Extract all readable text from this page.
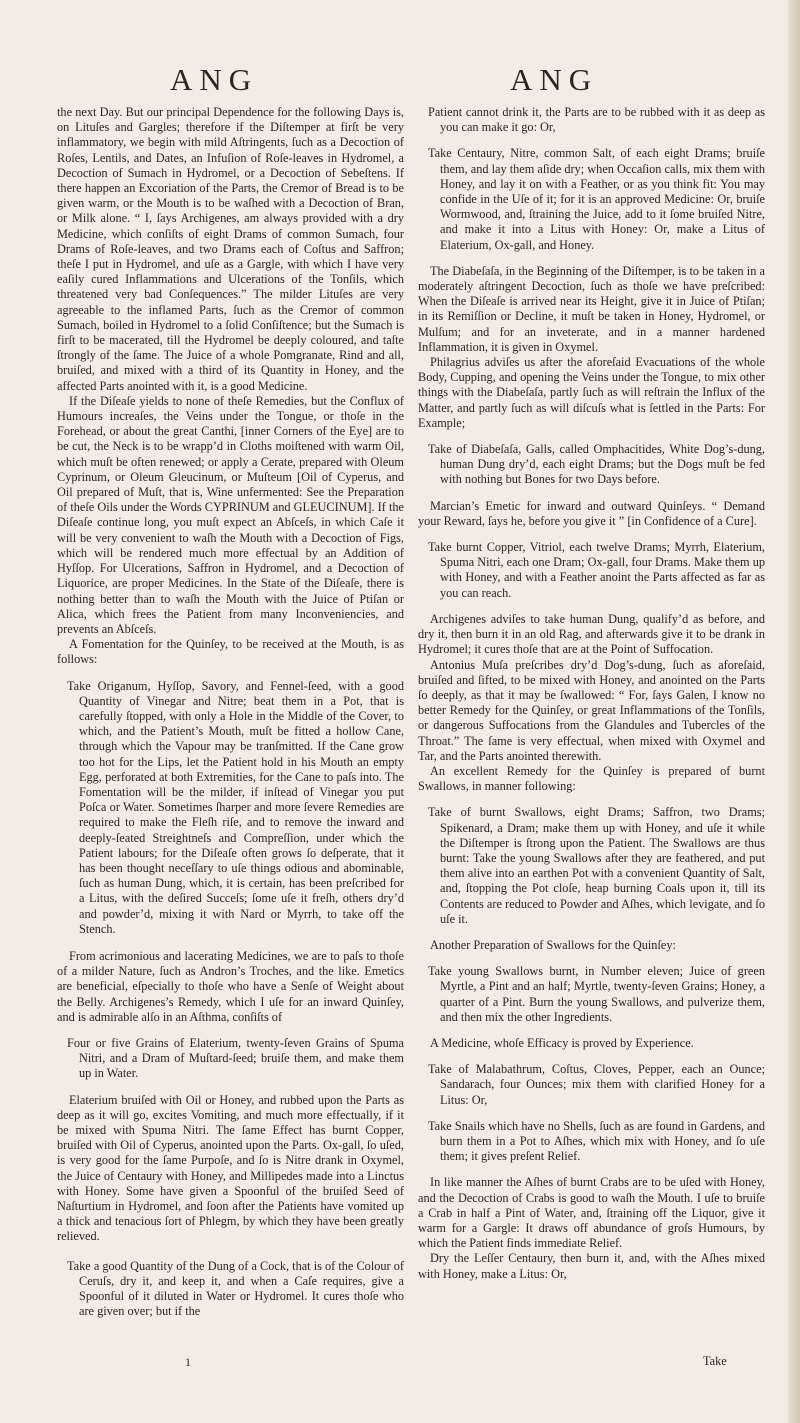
ANG	ANG

the next Day. But our principal Dependence for the following Days is, on Lituſes and Gargles; therefore if the Diſtemper at firſt be very inflammatory, we begin with mild Aſtringents, ſuch as a Decoction of Roſes, Lentils, and Dates, an Infuſion of Roſe-leaves in Hydromel, a Decoction of Sumach in Hydromel, or a Decoction of Sebeſtens. If there happen an Excoriation of the Parts, the Cremor of Bread is to be given warm, or the Mouth is to be waſhed with a Decoction of Bran, or Milk alone. “ I, ſays Archigenes, am always provided with a dry Medicine, which conſiſts of eight Drams of common Sumach, four Drams of Roſe-leaves, and two Drams each of Coſtus and Saffron; theſe I put in Hydromel, and uſe as a Gargle, with which I have very eaſily cured Inflammations and Ulcerations of the Tonſils, which threatened very bad Conſequences.” The milder Lituſes are very agreeable to the inflamed Parts, ſuch as the Cremor of common Sumach, boiled in Hydromel to a ſolid Conſiſtence; but the Sumach is firſt to be macerated, till the Hydromel be deeply coloured, and taſte ſtrongly of the ſame. The Juice of a whole Pomgranate, Rind and all, bruiſed, and mixed with a third of its Quantity in Honey, and the affected Parts anointed with it, is a good Medicine.

If the Diſeaſe yields to none of theſe Remedies, but the Conflux of Humours increaſes, the Veins under the Tongue, or thoſe in the Forehead, or about the great Canthi, [inner Corners of the Eye] are to be cut, the Neck is to be wrapp’d in Cloths moiſtened with warm Oil, which muſt be often renewed; or apply a Cerate, prepared with Oleum Cyprinum, or Oleum Gleucinum, or Muſteum [Oil of Cyperus, and Oil prepared of Muſt, that is, Wine unfermented: See the Preparation of theſe Oils under the Words CYPRINUM and GLEUCINUM]. If the Diſeaſe continue long, you muſt expect an Abſceſs, in which Caſe it will be very convenient to waſh the Mouth with a Decoction of Figs, which will be rendered much more effectual by an Addition of Hyſſop. For Ulcerations, Saffron in Hydromel, and a Decoction of Liquorice, are proper Medicines. In the State of the Diſeaſe, there is nothing better than to waſh the Mouth with the Juice of Ptiſan or Alica, which frees the Patient from many Inconveniencies, and prevents an Abſceſs.

A Fomentation for the Quinſey, to be received at the Mouth, is as follows:

Take Origanum, Hyſſop, Savory, and Fennel-ſeed, with a good Quantity of Vinegar and Nitre; beat them in a Pot, that is carefully ſtopped, with only a Hole in the Middle of the Cover, to which, and the Patient’s Mouth, muſt be fitted a hollow Cane, through which the Vapour may be tranſmitted. If the Cane grow too hot for the Lips, let the Patient hold in his Mouth an empty Egg, perforated at both Extremities, for the Cane to paſs into. The Fomentation will be the milder, if inſtead of Vinegar you put Poſca or Water. Sometimes ſharper and more ſevere Remedies are required to make the Fleſh riſe, and to remove the inward and deeply-ſeated Streightneſs and Compreſſion, under which the Patient labours; for the Diſeaſe often grows ſo deſperate, that it has been thought neceſſary to uſe things odious and abominable, ſuch as human Dung, which, it is certain, has been preſcribed for a Litus, with the deſired Succeſs; ſome uſe it freſh, others dry’d and powder’d, mixing it with Nard or Myrrh, to take off the Stench.

From acrimonious and lacerating Medicines, we are to paſs to thoſe of a milder Nature, ſuch as Andron’s Troches, and the like. Emetics are beneficial, eſpecially to thoſe who have a Senſe of Weight about the Belly. Archigenes’s Remedy, which I uſe for an inward Quinſey, and is admirable alſo in an Aſthma, conſiſts of

Four or five Grains of Elaterium, twenty-ſeven Grains of Spuma Nitri, and a Dram of Muſtard-ſeed; bruiſe them, and make them up in Water.

Elaterium bruiſed with Oil or Honey, and rubbed upon the Parts as deep as it will go, excites Vomiting, and much more effectually, if it be mixed with Spuma Nitri. The ſame Effect has burnt Copper, bruiſed with Oil of Cyperus, anointed upon the Parts. Ox-gall, ſo uſed, is very good for the ſame Purpoſe, and ſo is Nitre drank in Oxymel, the Juice of Centaury with Honey, and Millipedes made into a Linctus with Honey. Some have given a Spoonful of the bruiſed Seed of Naſturtium in Hydromel, and ſoon after the Patients have vomited up a thick and tenacious ſort of Phlegm, by which they have been greatly relieved.

Take a good Quantity of the Dung of a Cock, that is of the Colour of Ceruſs, dry it, and keep it, and when a Caſe requires, give a Spoonful of it diluted in Water or Hydromel. It cures thoſe who are given over; but if the

Patient cannot drink it, the Parts are to be rubbed with it as deep as you can make it go: Or,

Take Centaury, Nitre, common Salt, of each eight Drams; bruiſe them, and lay them aſide dry; when Occaſion calls, mix them with Honey, and lay it on with a Feather, or as you think fit: You may confide in the Uſe of it; for it is an approved Medicine: Or, bruiſe Wormwood, and, ſtraining the Juice, add to it ſome bruiſed Nitre, and make it into a Litus with Honey: Or, make a Litus of Elaterium, Ox-gall, and Honey.

The Diabeſaſa, in the Beginning of the Diſtemper, is to be taken in a moderately aſtringent Decoction, ſuch as thoſe we have preſcribed: When the Diſeaſe is arrived near its Height, give it in Juice of Ptiſan; in its Remiſſion or Decline, it muſt be taken in Honey, Hydromel, or Mulſum; and for an inveterate, and in a manner hardened Inflammation, it is given in Oxymel.

Philagrius adviſes us after the aforeſaid Evacuations of the whole Body, Cupping, and opening the Veins under the Tongue, to mix other things with the Diabeſaſa, partly ſuch as will reſtrain the Influx of the Matter, and partly ſuch as will diſcuſs what is ſettled in the Parts: For Example;

Take of Diabeſaſa, Galls, called Omphacitides, White Dog’s-dung, human Dung dry’d, each eight Drams; but the Dogs muſt be fed with nothing but Bones for two Days before.

Marcian’s Emetic for inward and outward Quinſeys. “ Demand your Reward, ſays he, before you give it ” [in Confidence of a Cure].

Take burnt Copper, Vitriol, each twelve Drams; Myrrh, Elaterium, Spuma Nitri, each one Dram; Ox-gall, four Drams. Make them up with Honey, and with a Feather anoint the Parts affected as far as you can reach.

Archigenes adviſes to take human Dung, qualify’d as before, and dry it, then burn it in an old Rag, and afterwards give it to be drank in Hydromel; it cures thoſe that are at the Point of Suffocation.

Antonius Muſa preſcribes dry’d Dog’s-dung, ſuch as aforeſaid, bruiſed and ſifted, to be mixed with Honey, and anointed on the Parts ſo deeply, as that it may be ſwallowed: “ For, ſays Galen, I know no better Remedy for the Quinſey, or great Inflammations of the Tonſils, or dangerous Suffocations from the Glandules and Tubercles of the Throat.” The ſame is very effectual, when mixed with Oxymel and Tar, and the Parts anointed therewith.

An excellent Remedy for the Quinſey is prepared of burnt Swallows, in manner following:

Take of burnt Swallows, eight Drams; Saffron, two Drams; Spikenard, a Dram; make them up with Honey, and uſe it while the Diſtemper is ſtrong upon the Patient. The Swallows are thus burnt: Take the young Swallows after they are feathered, and put them alive into an earthen Pot with a convenient Quantity of Salt, and, ſtopping the Pot cloſe, heap burning Coals upon it, till its Contents are reduced to Powder and Aſhes, which levigate, and ſo uſe it.

Another Preparation of Swallows for the Quinſey:

Take young Swallows burnt, in Number eleven; Juice of green Myrtle, a Pint and an half; Myrtle, twenty-ſeven Grains; Honey, a quarter of a Pint. Burn the young Swallows, and pulverize them, and then mix the other Ingredients.

A Medicine, whoſe Efficacy is proved by Experience.

Take of Malabathrum, Coſtus, Cloves, Pepper, each an Ounce; Sandarach, four Ounces; mix them with clarified Honey for a Litus: Or,

Take Snails which have no Shells, ſuch as are found in Gardens, and burn them in a Pot to Aſhes, which mix with Honey, and ſo uſe them; it gives preſent Relief.

In like manner the Aſhes of burnt Crabs are to be uſed with Honey, and the Decoction of Crabs is good to waſh the Mouth. I uſe to bruiſe a Crab in half a Pint of Water, and, ſtraining off the Liquor, give it warm for a Gargle: It draws off abundance of groſs Humours, by which the Patient finds immediate Relief.

Dry the Leſſer Centaury, then burn it, and, with the Aſhes mixed with Honey, make a Litus: Or,

1	Take
